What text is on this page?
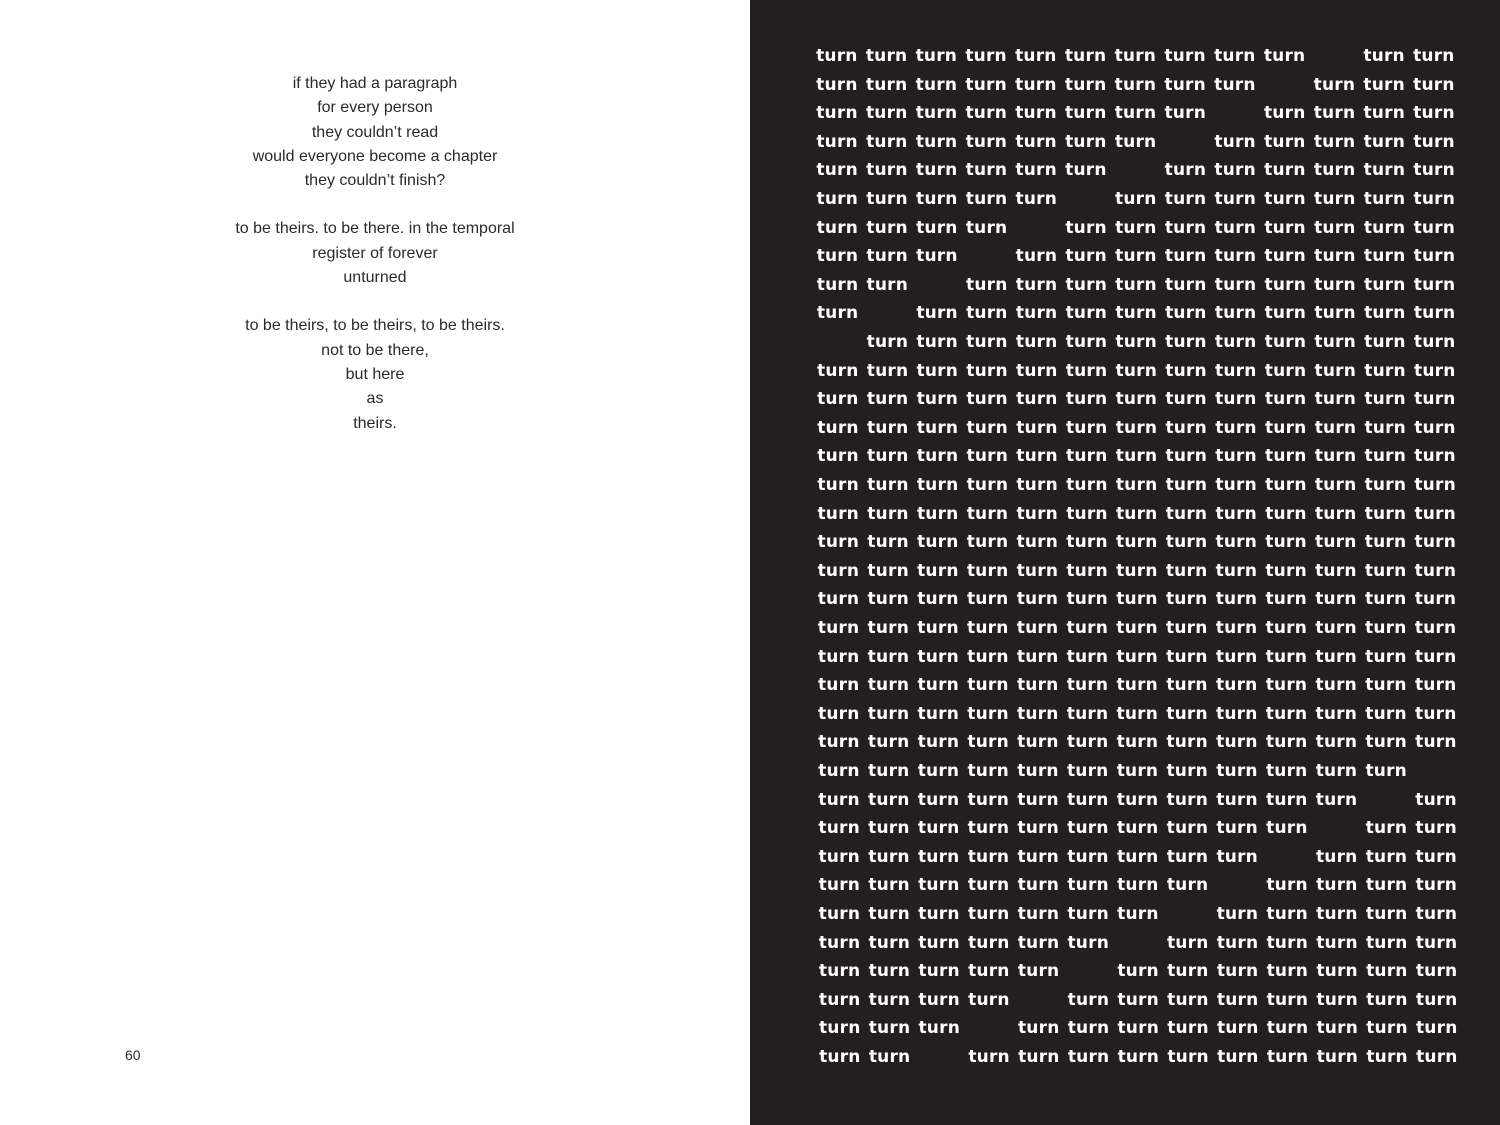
if they had a paragraph
for every person
they couldn’t read
would everyone become a chapter
they couldn’t finish?
to be theirs. to be there. in the temporal
register of forever
unturned
to be theirs, to be theirs, to be theirs.
not to be there,
but here
as
theirs.
60
turn turn turn turn turn turn turn turn turn turn	turn turn
turn turn turn turn turn turn turn turn turn	turn turn turn
turn turn turn turn turn turn turn turn	turn turn turn turn
turn turn turn turn turn turn turn	turn turn turn turn turn
turn turn turn turn turn turn	turn turn turn turn turn turn
turn turn turn turn turn	turn turn turn turn turn turn turn
turn turn turn turn	turn turn turn turn turn turn turn turn
turn turn turn	turn turn turn turn turn turn turn turn turn
turn turn	turn turn turn turn turn turn turn turn turn turn
turn	turn turn turn turn turn turn turn turn turn turn turn
turn turn turn turn turn turn turn turn turn turn turn turn
turn turn turn turn turn turn turn turn turn turn turn turn turn
turn turn turn turn turn turn turn turn turn turn turn turn turn
turn turn turn turn turn turn turn turn turn turn turn turn turn
turn turn turn turn turn turn turn turn turn turn turn turn turn
turn turn turn turn turn turn turn turn turn turn turn turn turn
turn turn turn turn turn turn turn turn turn turn turn turn turn
turn turn turn turn turn turn turn turn turn turn turn turn turn
turn turn turn turn turn turn turn turn turn turn turn turn turn
turn turn turn turn turn turn turn turn turn turn turn turn turn
turn turn turn turn turn turn turn turn turn turn turn turn turn
turn turn turn turn turn turn turn turn turn turn turn turn turn
turn turn turn turn turn turn turn turn turn turn turn turn turn
turn turn turn turn turn turn turn turn turn turn turn turn turn
turn turn turn turn turn turn turn turn turn turn turn turn turn
turn turn turn turn turn turn turn turn turn turn turn turn
turn turn turn turn turn turn turn turn turn turn turn	turn
turn turn turn turn turn turn turn turn turn turn	turn turn
turn turn turn turn turn turn turn turn turn	turn turn turn
turn turn turn turn turn turn turn turn	turn turn turn turn
turn turn turn turn turn turn turn	turn turn turn turn turn
turn turn turn turn turn turn	turn turn turn turn turn turn
turn turn turn turn turn	turn turn turn turn turn turn turn
turn turn turn turn	turn turn turn turn turn turn turn turn
turn turn turn	turn turn turn turn turn turn turn turn turn
turn turn	turn turn turn turn turn turn turn turn turn turn
